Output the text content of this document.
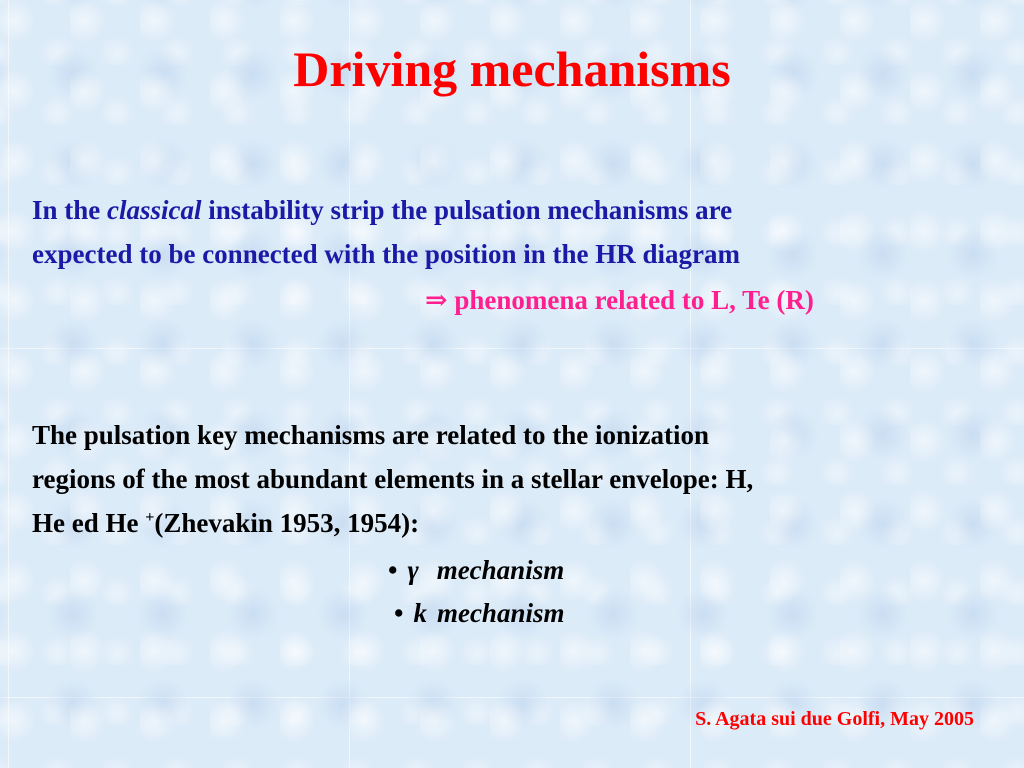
Driving mechanisms
In the classical instability strip the pulsation mechanisms are
expected to be connected with the position in the HR diagram
⇒ phenomena related to L, Te (R)
The pulsation key mechanisms are related to the ionization
regions of the most abundant elements in a stellar envelope: H,
He ed He +(Zhevakin 1953, 1954):
• γ mechanism
• k mechanism
S. Agata sui due Golfi, May 2005
